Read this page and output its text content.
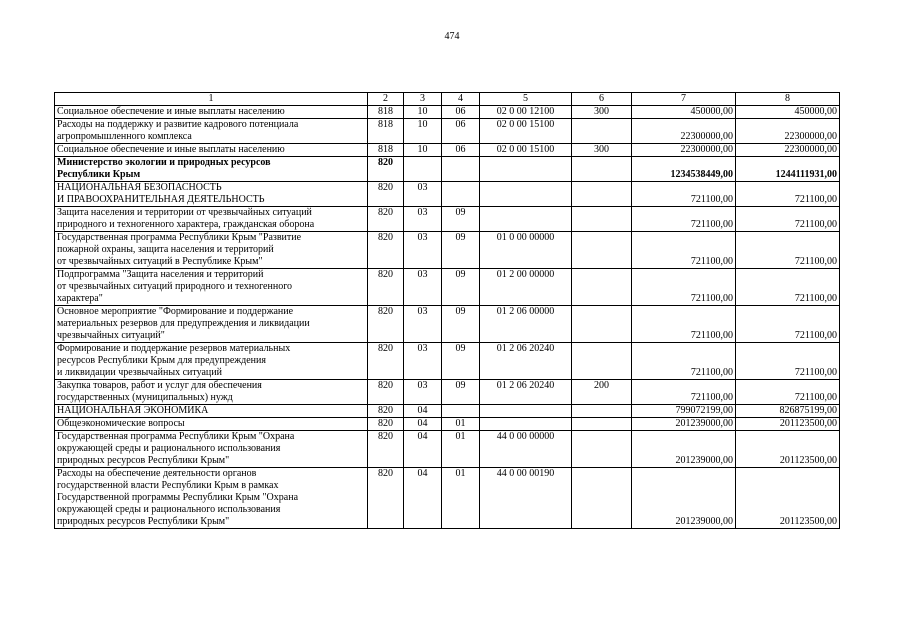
474
1	2	3	4	5	6	7	8
Социальное обеспечение и иные выплаты населению	818	10	06	02 0 00 12100	300	450000,00	450000,00
Расходы на поддержку и развитие кадрового потенциала
агропромышленного комплекса	818	10	06	02 0 00 15100		22300000,00	22300000,00
Социальное обеспечение и иные выплаты населению	818	10	06	02 0 00 15100	300	22300000,00	22300000,00
Министерство экологии и природных ресурсов
Республики Крым	820					1234538449,00	1244111931,00
НАЦИОНАЛЬНАЯ БЕЗОПАСНОСТЬ
И ПРАВООХРАНИТЕЛЬНАЯ ДЕЯТЕЛЬНОСТЬ	820	03				721100,00	721100,00
Защита населения и территории от чрезвычайных ситуаций
природного и техногенного характера, гражданская оборона	820	03	09			721100,00	721100,00
Государственная программа Республики Крым "Развитие
пожарной охраны, защита населения и территорий
от чрезвычайных ситуаций в Республике Крым"	820	03	09	01 0 00 00000		721100,00	721100,00
Подпрограмма "Защита населения и территорий
от чрезвычайных ситуаций природного и техногенного
характера"	820	03	09	01 2 00 00000		721100,00	721100,00
Основное мероприятие "Формирование и поддержание
материальных резервов для предупреждения и ликвидации
чрезвычайных ситуаций"	820	03	09	01 2 06 00000		721100,00	721100,00
Формирование и поддержание резервов материальных
ресурсов Республики Крым для предупреждения
и ликвидации чрезвычайных ситуаций	820	03	09	01 2 06 20240		721100,00	721100,00
Закупка товаров, работ и услуг для обеспечения
государственных (муниципальных) нужд	820	03	09	01 2 06 20240	200	721100,00	721100,00
НАЦИОНАЛЬНАЯ ЭКОНОМИКА	820	04				799072199,00	826875199,00
Общеэкономические вопросы	820	04	01			201239000,00	201123500,00
Государственная программа Республики Крым "Охрана
окружающей среды и рационального использования
природных ресурсов Республики Крым"	820	04	01	44 0 00 00000		201239000,00	201123500,00
Расходы на обеспечение деятельности органов
государственной власти Республики Крым в рамках
Государственной программы Республики Крым "Охрана
окружающей среды и рационального использования
природных ресурсов Республики Крым"	820	04	01	44 0 00 00190		201239000,00	201123500,00
